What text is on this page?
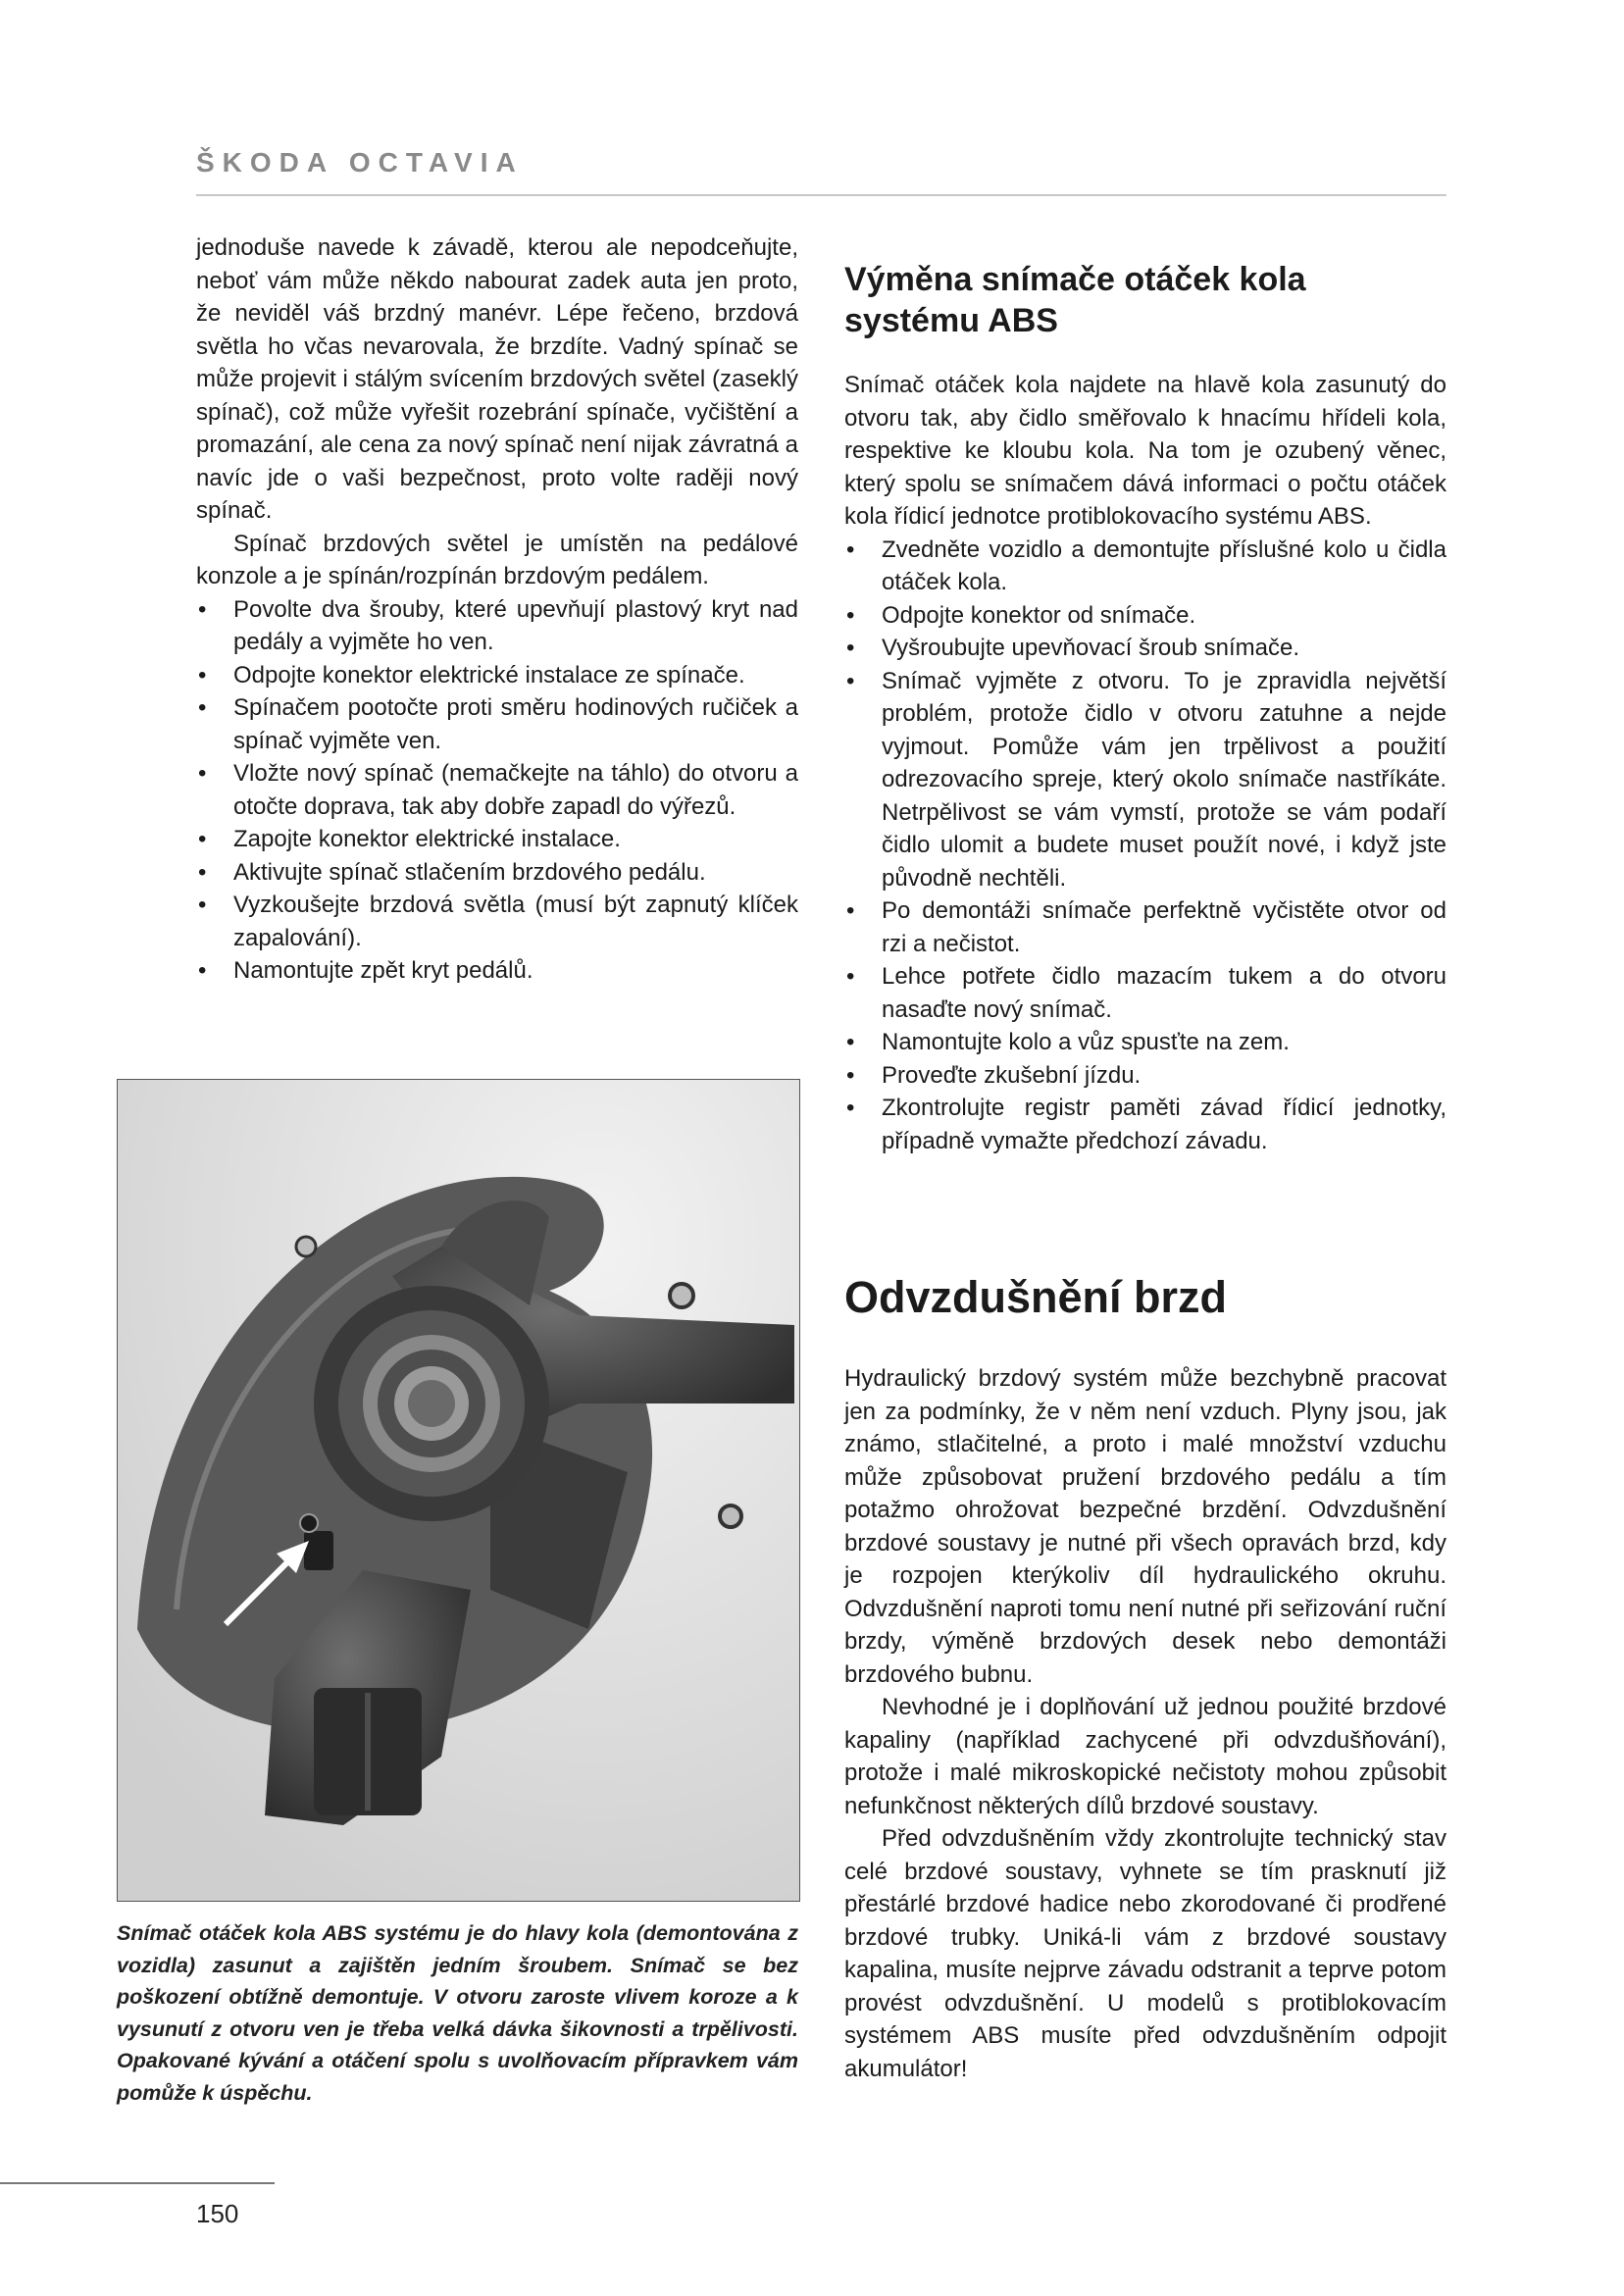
ŠKODA OCTAVIA

jednoduše navede k závadě, kterou ale nepodceňujte, neboť vám může někdo nabourat zadek auta jen proto, že neviděl váš brzdný manévr. Lépe řečeno, brzdová světla ho včas nevarovala, že brzdíte. Vadný spínač se může projevit i stálým svícením brzdových světel (zaseklý spínač), což může vyřešit rozebrání spínače, vyčištění a promazání, ale cena za nový spínač není nijak závratná a navíc jde o vaši bezpečnost, proto volte raději nový spínač.

Spínač brzdových světel je umístěn na pedálové konzole a je spínán/rozpínán brzdovým pedálem.

• Povolte dva šrouby, které upevňují plastový kryt nad pedály a vyjměte ho ven.
• Odpojte konektor elektrické instalace ze spínače.
• Spínačem pootočte proti směru hodinových ručiček a spínač vyjměte ven.
• Vložte nový spínač (nemačkejte na táhlo) do otvoru a otočte doprava, tak aby dobře zapadl do výřezů.
• Zapojte konektor elektrické instalace.
• Aktivujte spínač stlačením brzdového pedálu.
• Vyzkoušejte brzdová světla (musí být zapnutý klíček zapalování).
• Namontujte zpět kryt pedálů.
Výměna snímače otáček kola systému ABS

Snímač otáček kola najdete na hlavě kola zasunutý do otvoru tak, aby čidlo směřovalo k hnacímu hřídeli kola, respektive ke kloubu kola. Na tom je ozubený věnec, který spolu se snímačem dává informaci o počtu otáček kola řídicí jednotce protiblokovacího systému ABS.

• Zvedněte vozidlo a demontujte příslušné kolo u čidla otáček kola.
• Odpojte konektor od snímače.
• Vyšroubujte upevňovací šroub snímače.
• Snímač vyjměte z otvoru. To je zpravidla největší problém, protože čidlo v otvoru zatuhne a nejde vyjmout. Pomůže vám jen trpělivost a použití odrezovacího spreje, který okolo snímače nastříkáte. Netrpělivost se vám vymstí, protože se vám podaří čidlo ulomit a budete muset použít nové, i když jste původně nechtěli.
• Po demontáži snímače perfektně vyčistěte otvor od rzi a nečistot.
• Lehce potřete čidlo mazacím tukem a do otvoru nasaďte nový snímač.
• Namontujte kolo a vůz spusťte na zem.
• Proveďte zkušební jízdu.
• Zkontrolujte registr paměti závad řídicí jednotky, případně vymažte předchozí závadu.
Snímač otáček kola ABS systému je do hlavy kola (demontována z vozidla) zasunut a zajištěn jedním šroubem. Snímač se bez poškození obtížně demontuje. V otvoru zaroste vlivem koroze a k vysunutí z otvoru ven je třeba velká dávka šikovnosti a trpělivosti. Opakované kývání a otáčení spolu s uvolňovacím přípravkem vám pomůže k úspěchu.
Odvzdušnění brzd

Hydraulický brzdový systém může bezchybně pracovat jen za podmínky, že v něm není vzduch. Plyny jsou, jak známo, stlačitelné, a proto i malé množství vzduchu může způsobovat pružení brzdového pedálu a tím potažmo ohrožovat bezpečné brzdění. Odvzdušnění brzdové soustavy je nutné při všech opravách brzd, kdy je rozpojen kterýkoliv díl hydraulického okruhu. Odvzdušnění naproti tomu není nutné při seřizování ruční brzdy, výměně brzdových desek nebo demontáži brzdového bubnu.

Nevhodné je i doplňování už jednou použité brzdové kapaliny (například zachycené při odvzdušňování), protože i malé mikroskopické nečistoty mohou způsobit nefunkčnost některých dílů brzdové soustavy.

Před odvzdušněním vždy zkontrolujte technický stav celé brzdové soustavy, vyhnete se tím prasknutí již přestárlé brzdové hadice nebo zkorodované či prodřené brzdové trubky. Uniká-li vám z brzdové soustavy kapalina, musíte nejprve závadu odstranit a teprve potom provést odvzdušnění. U modelů s protiblokovacím systémem ABS musíte před odvzdušněním odpojit akumulátor!

150
